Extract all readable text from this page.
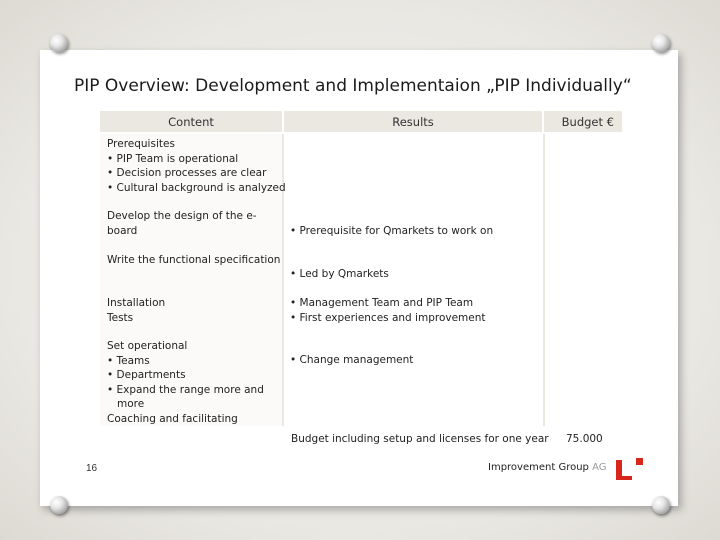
PIP Overview: Development and Implementaion „PIP Individually“
Content	Results	Budget €
Prerequisites
• PIP Team is operational
• Decision processes are clear
• Cultural background is analyzed
Develop the design of the e-
board
•	Prerequisite for Qmarkets to work on
Write the functional specification
• Led by Qmarkets
Installation
Tests
• Management Team and PIP Team
• First experiences and improvement
Set operational
• Teams
• Departments
• Expand the range more and
more
Coaching and facilitating
• Change management
Budget including setup and licenses for one year 75.000
16	Improvement Group AG
